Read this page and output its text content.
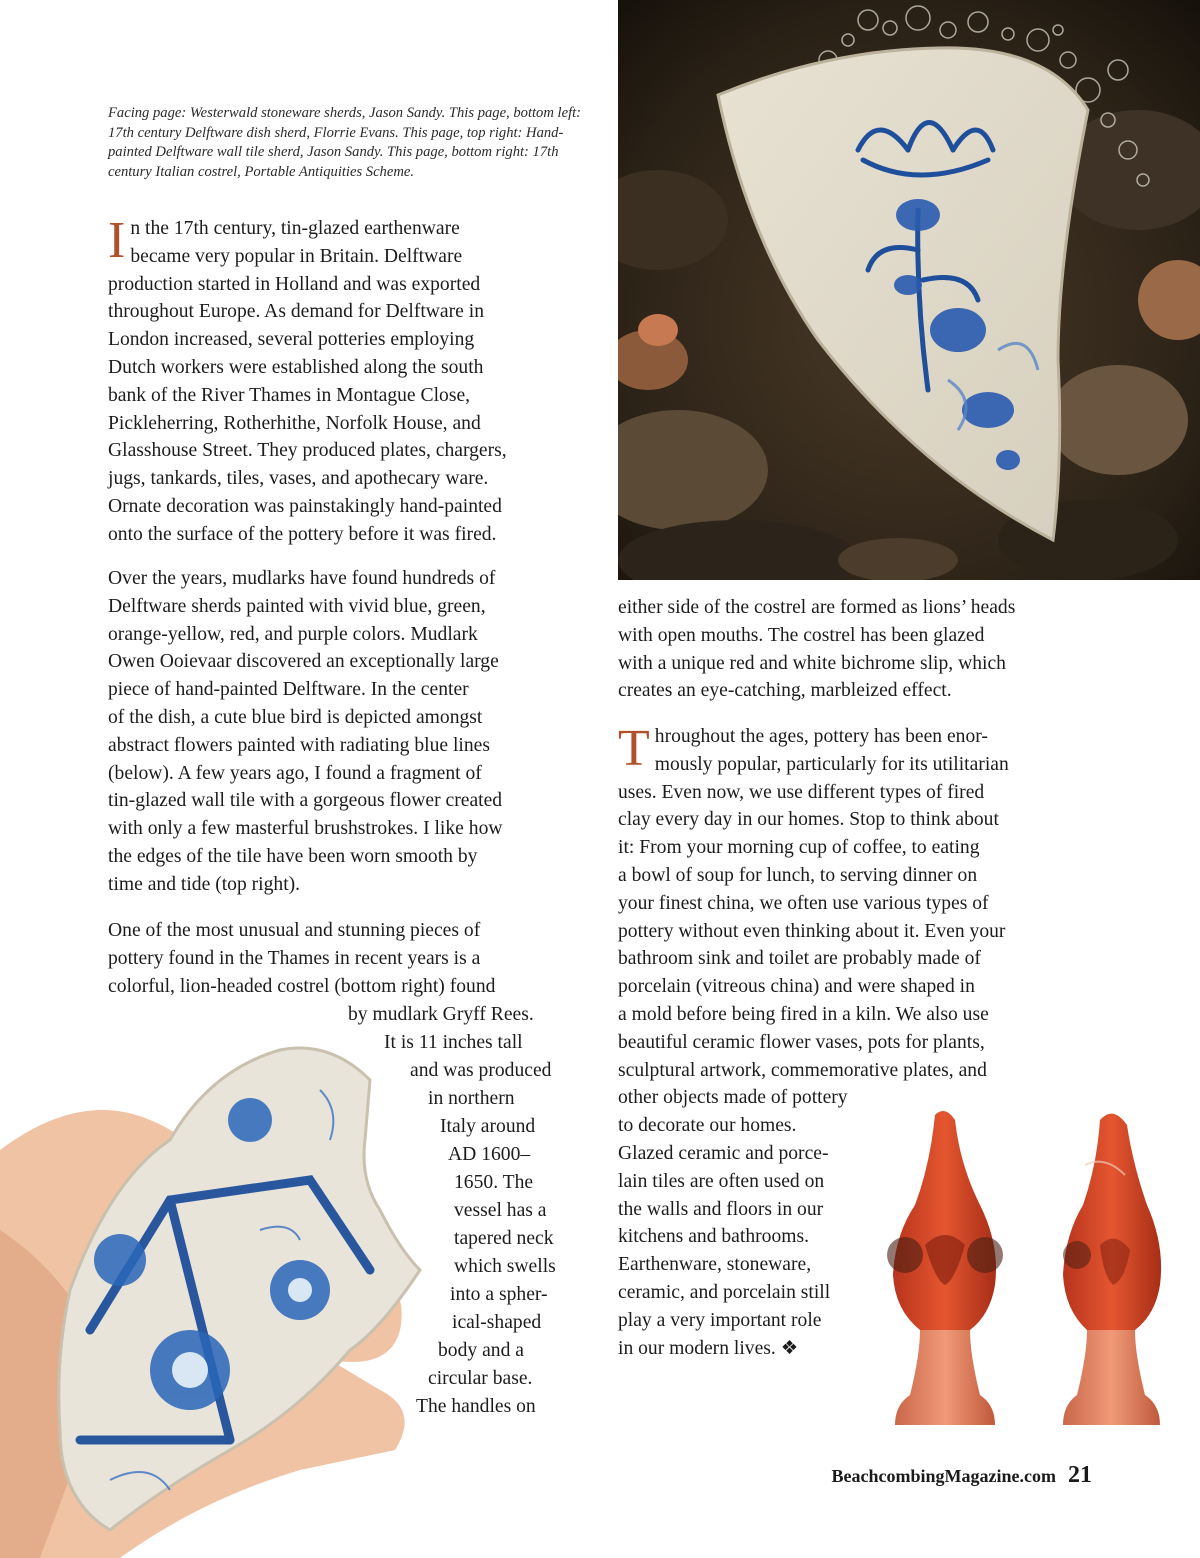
Facing page: Westerwald stoneware sherds, Jason Sandy. This page, bottom left: 17th century Delftware dish sherd, Florrie Evans. This page, top right: Hand-painted Delftware wall tile sherd, Jason Sandy. This page, bottom right: 17th century Italian costrel, Portable Antiquities Scheme.
I n the 17th century, tin-glazed earthenware
became very popular in Britain. Delftware
production started in Holland and was exported
throughout Europe. As demand for Delftware in
London increased, several potteries employing
Dutch workers were established along the south
bank of the River Thames in Montague Close,
Pickleherring, Rotherhithe, Norfolk House, and
Glasshouse Street. They produced plates, chargers,
jugs, tankards, tiles, vases, and apothecary ware.
Ornate decoration was painstakingly hand-painted
onto the surface of the pottery before it was fired.
Over the years, mudlarks have found hundreds of
Delftware sherds painted with vivid blue, green,
orange-yellow, red, and purple colors. Mudlark
Owen Ooievaar discovered an exceptionally large
piece of hand-painted Delftware. In the center
of the dish, a cute blue bird is depicted amongst
abstract flowers painted with radiating blue lines
(below). A few years ago, I found a fragment of
tin-glazed wall tile with a gorgeous flower created
with only a few masterful brushstrokes. I like how
the edges of the tile have been worn smooth by
time and tide (top right).
One of the most unusual and stunning pieces of
pottery found in the Thames in recent years is a
colorful, lion-headed costrel (bottom right) found
by mudlark Gryff Rees.
It is 11 inches tall
and was produced
in northern
Italy around
AD 1600–
1650. The
vessel has a
tapered neck
which swells
into a spher-
ical-shaped
body and a
circular base.
The handles on
either side of the costrel are formed as lions’ heads
with open mouths. The costrel has been glazed
with a unique red and white bichrome slip, which
creates an eye-catching, marbleized effect.
T hroughout the ages, pottery has been enor-
mously popular, particularly for its utilitarian
uses. Even now, we use different types of fired
clay every day in our homes. Stop to think about
it: From your morning cup of coffee, to eating
a bowl of soup for lunch, to serving dinner on
your finest china, we often use various types of
pottery without even thinking about it. Even your
bathroom sink and toilet are probably made of
porcelain (vitreous china) and were shaped in
a mold before being fired in a kiln. We also use
beautiful ceramic flower vases, pots for plants,
sculptural artwork, commemorative plates, and
other objects made of pottery
to decorate our homes.
Glazed ceramic and porce-
lain tiles are often used on
the walls and floors in our
kitchens and bathrooms.
Earthenware, stoneware,
ceramic, and porcelain still
play a very important role
in our modern lives. ❖
BeachcombingMagazine.com 21
